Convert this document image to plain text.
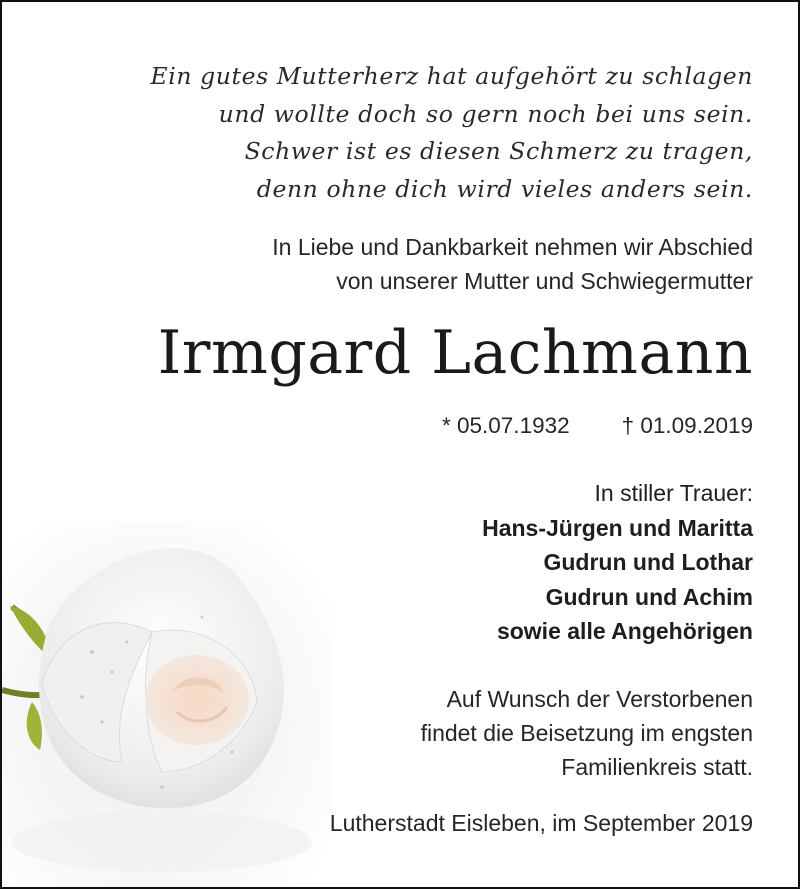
Ein gutes Mutterherz hat aufgehört zu schlagen
und wollte doch so gern noch bei uns sein.
Schwer ist es diesen Schmerz zu tragen,
denn ohne dich wird vieles anders sein.
In Liebe und Dankbarkeit nehmen wir Abschied
von unserer Mutter und Schwiegermutter
Irmgard Lachmann
* 05.07.1932 † 01.09.2019
In stiller Trauer:
Hans-Jürgen und Maritta
Gudrun und Lothar
Gudrun und Achim
sowie alle Angehörigen
Auf Wunsch der Verstorbenen
findet die Beisetzung im engsten
Familienkreis statt.
Lutherstadt Eisleben, im September 2019
